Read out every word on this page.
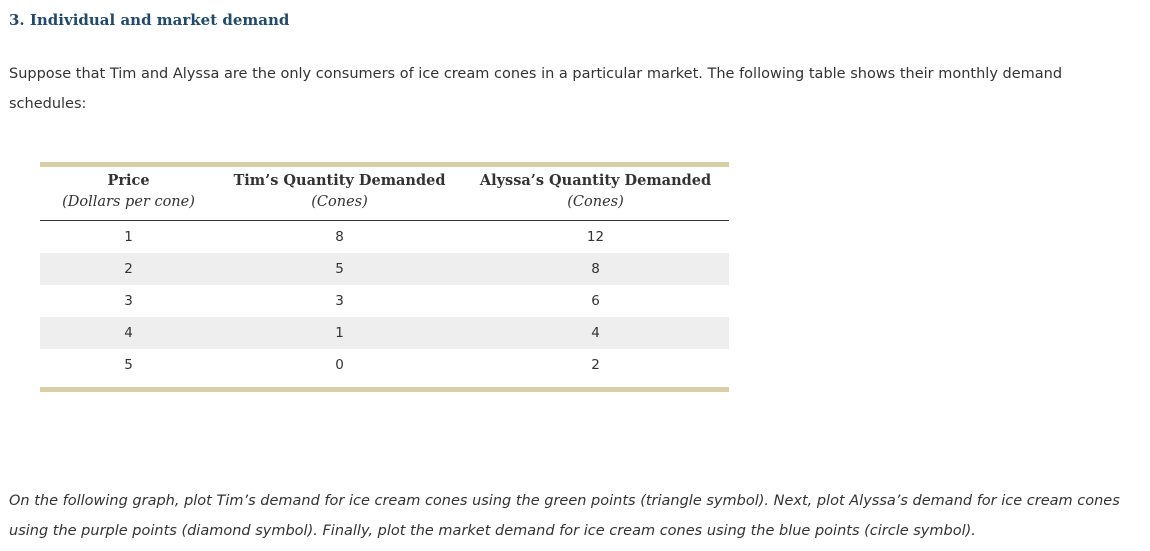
3. Individual and market demand

Suppose that Tim and Alyssa are the only consumers of ice cream cones in a particular market. The following table shows their monthly demand schedules:

Price	Tim’s Quantity Demanded	Alyssa’s Quantity Demanded
(Dollars per cone)	(Cones)	(Cones)
1	8	12
2	5	8
3	3	6
4	1	4
5	0	2

On the following graph, plot Tim’s demand for ice cream cones using the green points (triangle symbol). Next, plot Alyssa’s demand for ice cream cones using the purple points (diamond symbol). Finally, plot the market demand for ice cream cones using the blue points (circle symbol).
